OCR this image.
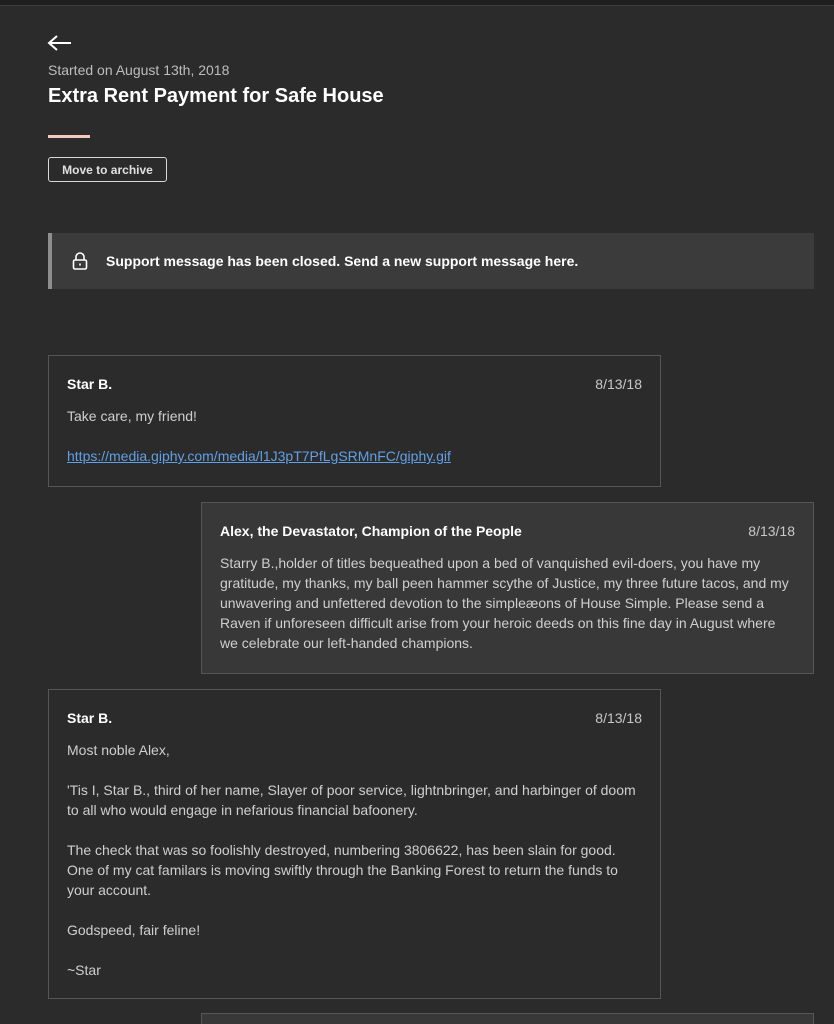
Started on August 13th, 2018
Extra Rent Payment for Safe House
Move to archive
Support message has been closed. Send a new support message here.
Star B.	8/13/18

Take care, my friend!

https://media.giphy.com/media/l1J3pT7PfLgSRMnFC/giphy.gif

Alex, the Devastator, Champion of the People	8/13/18

Starry B.,holder of titles bequeathed upon a bed of vanquished evil-doers, you have my gratitude, my thanks, my ball peen hammer scythe of Justice, my three future tacos, and my unwavering and unfettered devotion to the simpleæons of House Simple. Please send a Raven if unforeseen difficult arise from your heroic deeds on this fine day in August where we celebrate our left-handed champions.

Star B.	8/13/18

Most noble Alex,

'Tis I, Star B., third of her name, Slayer of poor service, lightnbringer, and harbinger of doom to all who would engage in nefarious financial bafoonery.

The check that was so foolishly destroyed, numbering 3806622, has been slain for good. One of my cat familars is moving swiftly through the Banking Forest to return the funds to your account.

Godspeed, fair feline!

~Star
